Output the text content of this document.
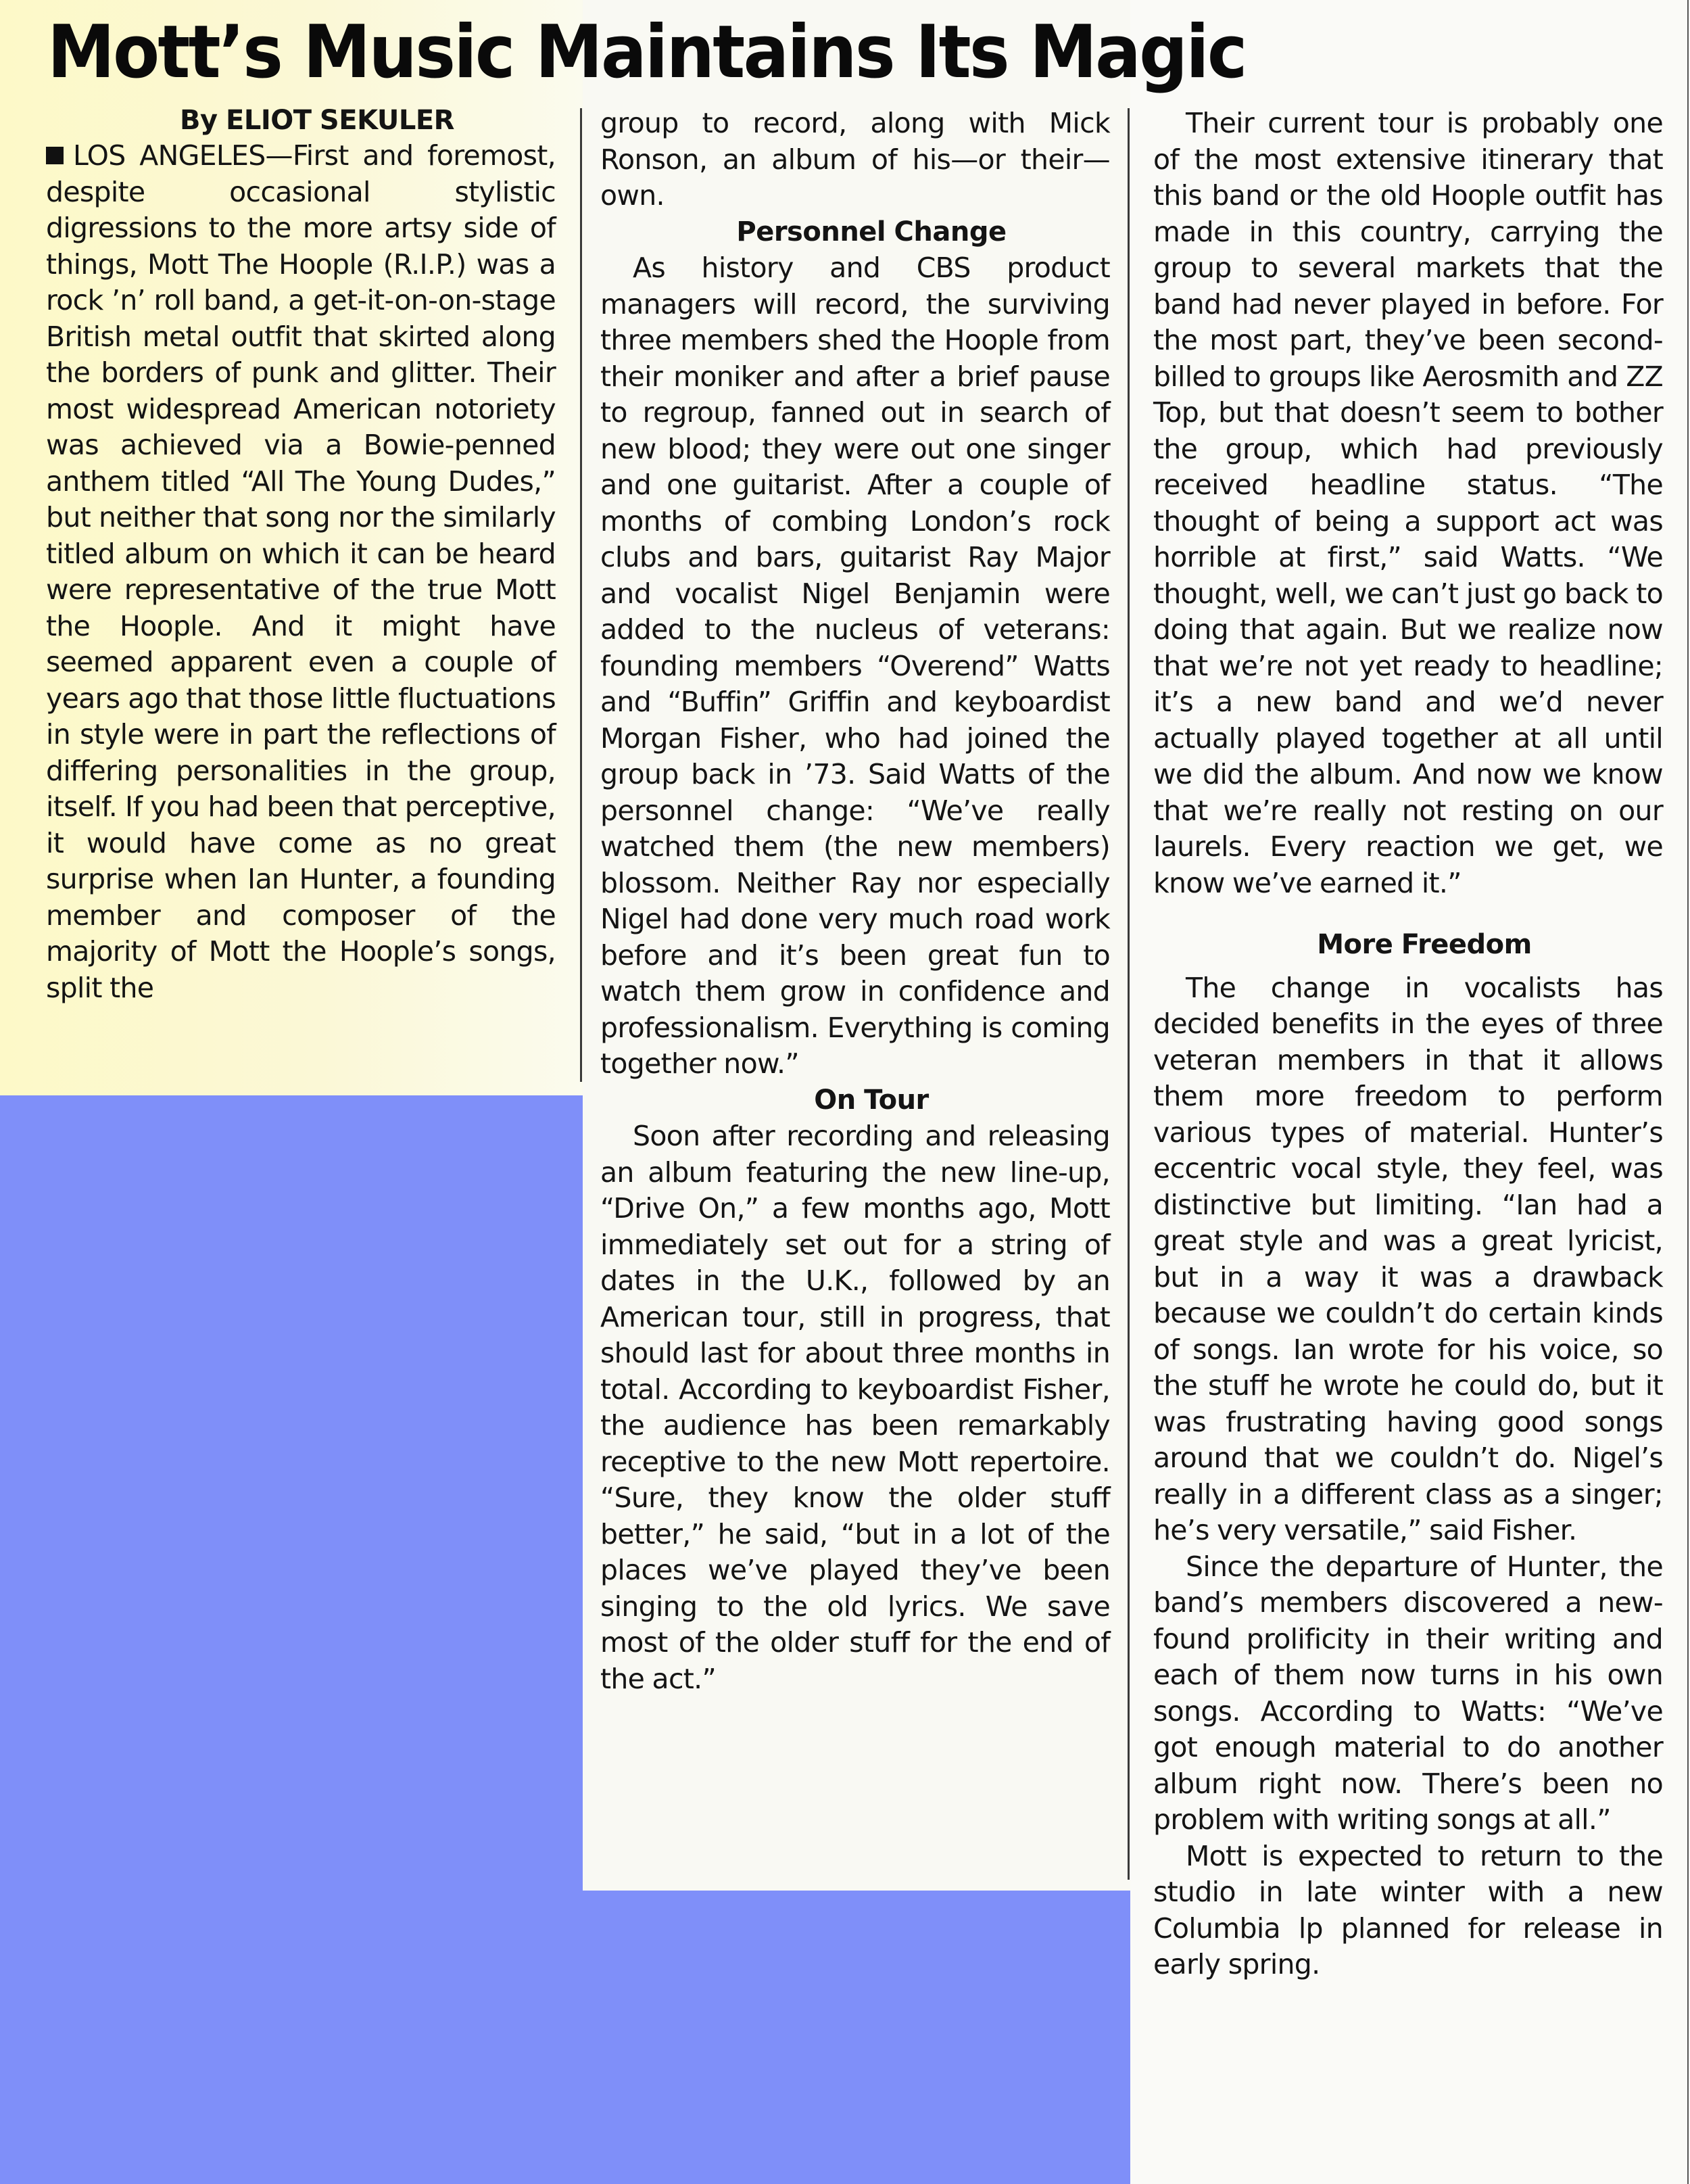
Mott’s Music Maintains Its Magic

By ELIOT SEKULER

LOS ANGELES—First and foremost, despite occasional stylistic digressions to the more artsy side of things, Mott The Hoople (R.I.P.) was a rock ’n’ roll band, a get-it-on-on-stage British metal outfit that skirted along the borders of punk and glitter. Their most widespread American notoriety was achieved via a Bowie-penned anthem titled “All The Young Dudes,” but neither that song nor the similarly titled album on which it can be heard were representative of the true Mott the Hoople. And it might have seemed apparent even a couple of years ago that those little fluctuations in style were in part the reflections of differing personalities in the group, itself. If you had been that perceptive, it would have come as no great surprise when Ian Hunter, a founding member and composer of the majority of Mott the Hoople’s songs, split the

group to record, along with Mick Ronson, an album of his—or their—own.

Personnel Change

As history and CBS product managers will record, the surviving three members shed the Hoople from their moniker and after a brief pause to regroup, fanned out in search of new blood; they were out one singer and one guitarist. After a couple of months of combing London’s rock clubs and bars, guitarist Ray Major and vocalist Nigel Benjamin were added to the nucleus of veterans: founding members “Overend” Watts and “Buffin” Griffin and keyboardist Morgan Fisher, who had joined the group back in ’73. Said Watts of the personnel change: “We’ve really watched them (the new members) blossom. Neither Ray nor especially Nigel had done very much road work before and it’s been great fun to watch them grow in confidence and professionalism. Everything is coming together now.”

On Tour

Soon after recording and releasing an album featuring the new line-up, “Drive On,” a few months ago, Mott immediately set out for a string of dates in the U.K., followed by an American tour, still in progress, that should last for about three months in total. According to keyboardist Fisher, the audience has been remarkably receptive to the new Mott repertoire. “Sure, they know the older stuff better,” he said, “but in a lot of the places we’ve played they’ve been singing to the old lyrics. We save most of the older stuff for the end of the act.”

Their current tour is probably one of the most extensive itinerary that this band or the old Hoople outfit has made in this country, carrying the group to several markets that the band had never played in before. For the most part, they’ve been second-billed to groups like Aerosmith and ZZ Top, but that doesn’t seem to bother the group, which had previously received headline status. “The thought of being a support act was horrible at first,” said Watts. “We thought, well, we can’t just go back to doing that again. But we realize now that we’re not yet ready to headline; it’s a new band and we’d never actually played together at all until we did the album. And now we know that we’re really not resting on our laurels. Every reaction we get, we know we’ve earned it.”

More Freedom

The change in vocalists has decided benefits in the eyes of three veteran members in that it allows them more freedom to perform various types of material. Hunter’s eccentric vocal style, they feel, was distinctive but limiting. “Ian had a great style and was a great lyricist, but in a way it was a drawback because we couldn’t do certain kinds of songs. Ian wrote for his voice, so the stuff he wrote he could do, but it was frustrating having good songs around that we couldn’t do. Nigel’s really in a different class as a singer; he’s very versatile,” said Fisher.

Since the departure of Hunter, the band’s members discovered a new-found prolificity in their writing and each of them now turns in his own songs. According to Watts: “We’ve got enough material to do another album right now. There’s been no problem with writing songs at all.”

Mott is expected to return to the studio in late winter with a new Columbia lp planned for release in early spring.
